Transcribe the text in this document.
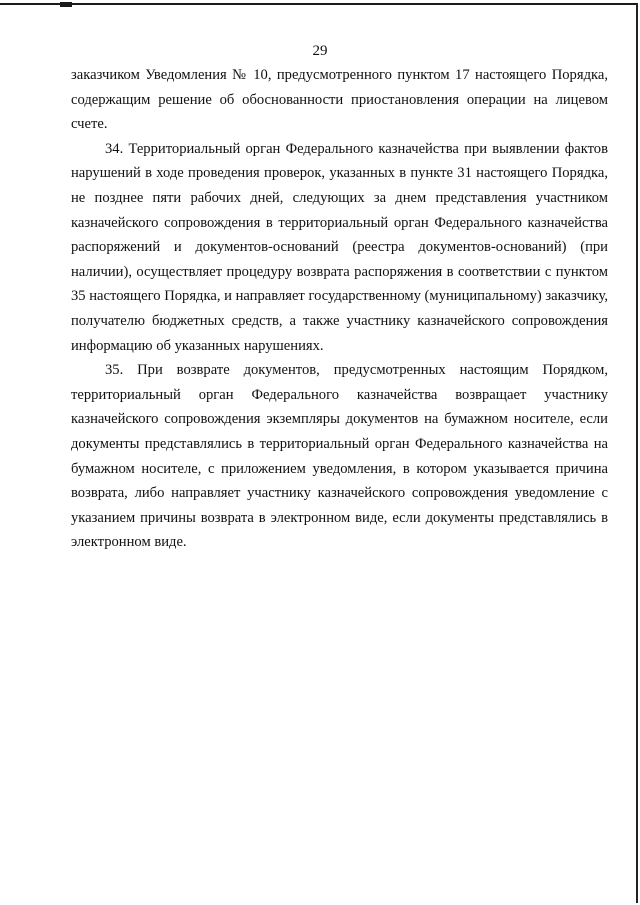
29

заказчиком Уведомления № 10, предусмотренного пунктом 17 настоящего Порядка, содержащим решение об обоснованности приостановления операции на лицевом счете.

34. Территориальный орган Федерального казначейства при выявлении фактов нарушений в ходе проведения проверок, указанных в пункте 31 настоящего Порядка, не позднее пяти рабочих дней, следующих за днем представления участником казначейского сопровождения в территориальный орган Федерального казначейства распоряжений и документов-оснований (реестра документов-оснований) (при наличии), осуществляет процедуру возврата распоряжения в соответствии с пунктом 35 настоящего Порядка, и направляет государственному (муниципальному) заказчику, получателю бюджетных средств, а также участнику казначейского сопровождения информацию об указанных нарушениях.

35. При возврате документов, предусмотренных настоящим Порядком, территориальный орган Федерального казначейства возвращает участнику казначейского сопровождения экземпляры документов на бумажном носителе, если документы представлялись в территориальный орган Федерального казначейства на бумажном носителе, с приложением уведомления, в котором указывается причина возврата, либо направляет участнику казначейского сопровождения уведомление с указанием причины возврата в электронном виде, если документы представлялись в электронном виде.
